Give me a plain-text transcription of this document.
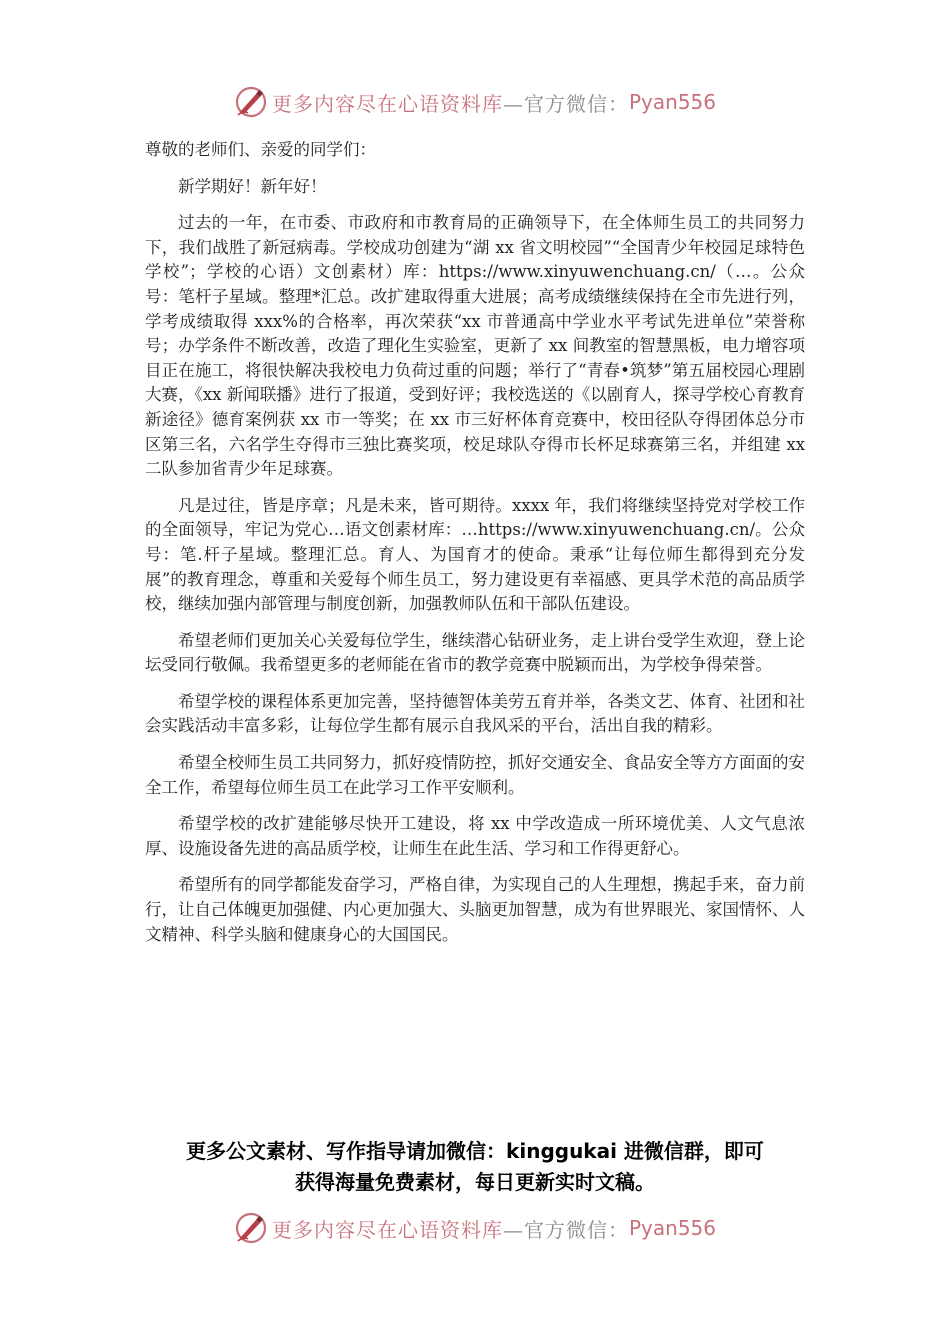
更多内容尽在心语资料库 —官方微信： Pyan556

尊敬的老师们、亲爱的同学们：

新学期好！新年好！

过去的一年，在市委、市政府和市教育局的正确领导下，在全体师生员工的共同努力下，我们战胜了新冠病毒。学校成功创建为“湖 xx 省文明校园”“全国青少年校园足球特色学校”；学校的心语）文创素材）库：https://www.xinyuwenchuang.cn/（…。公众号：笔杆子星域。整理*汇总。改扩建取得重大进展；高考成绩继续保持在全市先进行列，学考成绩取得 xxx%的合格率，再次荣获“xx 市普通高中学业水平考试先进单位”荣誉称号；办学条件不断改善，改造了理化生实验室，更新了 xx 间教室的智慧黑板，电力增容项目正在施工，将很快解决我校电力负荷过重的问题；举行了“青春•筑梦”第五届校园心理剧大赛，《xx 新闻联播》进行了报道，受到好评；我校选送的《以剧育人，探寻学校心育教育新途径》德育案例获 xx 市一等奖；在 xx 市三好杯体育竞赛中，校田径队夺得团体总分市区第三名，六名学生夺得市三独比赛奖项，校足球队夺得市长杯足球赛第三名，并组建 xx 二队参加省青少年足球赛。

凡是过往，皆是序章；凡是未来，皆可期待。xxxx 年，我们将继续坚持党对学校工作的全面领导，牢记为党心…语文创素材库：…https://www.xinyuwenchuang.cn/。公众号：笔.杆子星域。整理汇总。育人、为国育才的使命。秉承“让每位师生都得到充分发展”的教育理念，尊重和关爱每个师生员工，努力建设更有幸福感、更具学术范的高品质学校，继续加强内部管理与制度创新，加强教师队伍和干部队伍建设。

希望老师们更加关心关爱每位学生，继续潜心钻研业务，走上讲台受学生欢迎，登上论坛受同行敬佩。我希望更多的老师能在省市的教学竞赛中脱颖而出，为学校争得荣誉。

希望学校的课程体系更加完善，坚持德智体美劳五育并举，各类文艺、体育、社团和社会实践活动丰富多彩，让每位学生都有展示自我风采的平台，活出自我的精彩。

希望全校师生员工共同努力，抓好疫情防控，抓好交通安全、食品安全等方方面面的安全工作，希望每位师生员工在此学习工作平安顺利。

希望学校的改扩建能够尽快开工建设，将 xx 中学改造成一所环境优美、人文气息浓厚、设施设备先进的高品质学校，让师生在此生活、学习和工作得更舒心。

希望所有的同学都能发奋学习，严格自律，为实现自己的人生理想，携起手来，奋力前行，让自己体魄更加强健、内心更加强大、头脑更加智慧，成为有世界眼光、家国情怀、人文精神、科学头脑和健康身心的大国国民。

更多公文素材、写作指导请加微信：kinggukai 进微信群，即可
获得海量免费素材，每日更新实时文稿。
更多内容尽在心语资料库 —官方微信： Pyan556
